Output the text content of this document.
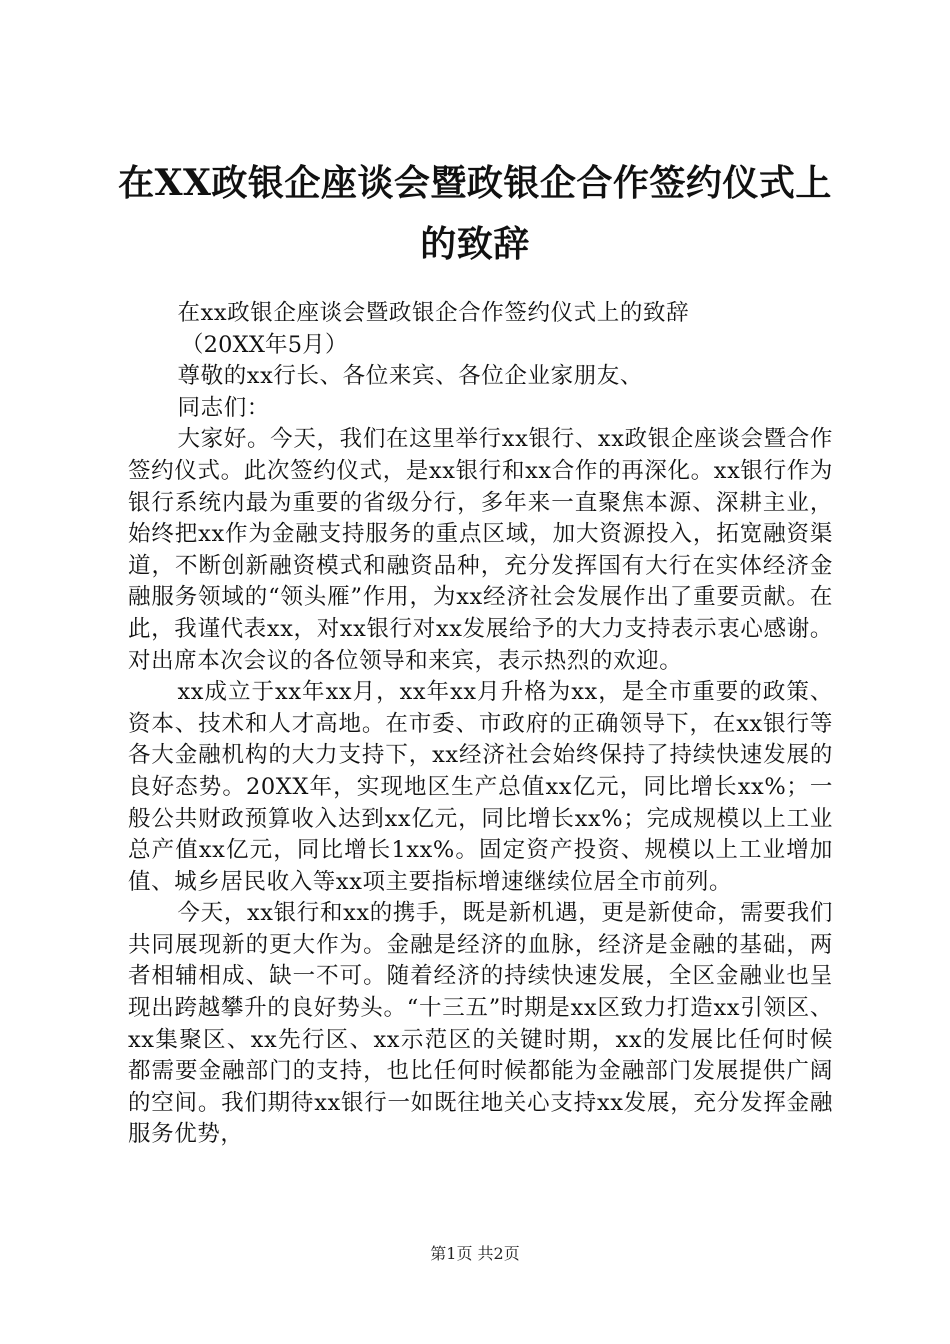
在XX政银企座谈会暨政银企合作签约仪式上
的致辞

在xx政银企座谈会暨政银企合作签约仪式上的致辞

（20XX年5月）

尊敬的xx行长、各位来宾、各位企业家朋友、

同志们：

大家好。今天，我们在这里举行xx银行、xx政银企座谈会暨合作签约仪式。此次签约仪式，是xx银行和xx合作的再深化。xx银行作为银行系统内最为重要的省级分行，多年来一直聚焦本源、深耕主业，始终把xx作为金融支持服务的重点区域，加大资源投入，拓宽融资渠道，不断创新融资模式和融资品种，充分发挥国有大行在实体经济金融服务领域的“领头雁”作用，为xx经济社会发展作出了重要贡献。在此，我谨代表xx，对xx银行对xx发展给予的大力支持表示衷心感谢。对出席本次会议的各位领导和来宾，表示热烈的欢迎。

xx成立于xx年xx月，xx年xx月升格为xx，是全市重要的政策、资本、技术和人才高地。在市委、市政府的正确领导下，在xx银行等各大金融机构的大力支持下，xx经济社会始终保持了持续快速发展的良好态势。20XX年，实现地区生产总值xx亿元，同比增长xx%；一般公共财政预算收入达到xx亿元，同比增长xx%；完成规模以上工业总产值xx亿元，同比增长1xx%。固定资产投资、规模以上工业增加值、城乡居民收入等xx项主要指标增速继续位居全市前列。

今天，xx银行和xx的携手，既是新机遇，更是新使命，需要我们共同展现新的更大作为。金融是经济的血脉，经济是金融的基础，两者相辅相成、缺一不可。随着经济的持续快速发展，全区金融业也呈现出跨越攀升的良好势头。“十三五”时期是xx区致力打造xx引领区、xx集聚区、xx先行区、xx示范区的关键时期，xx的发展比任何时候都需要金融部门的支持，也比任何时候都能为金融部门发展提供广阔的空间。我们期待xx银行一如既往地关心支持xx发展，充分发挥金融服务优势，

第1页 共2页
